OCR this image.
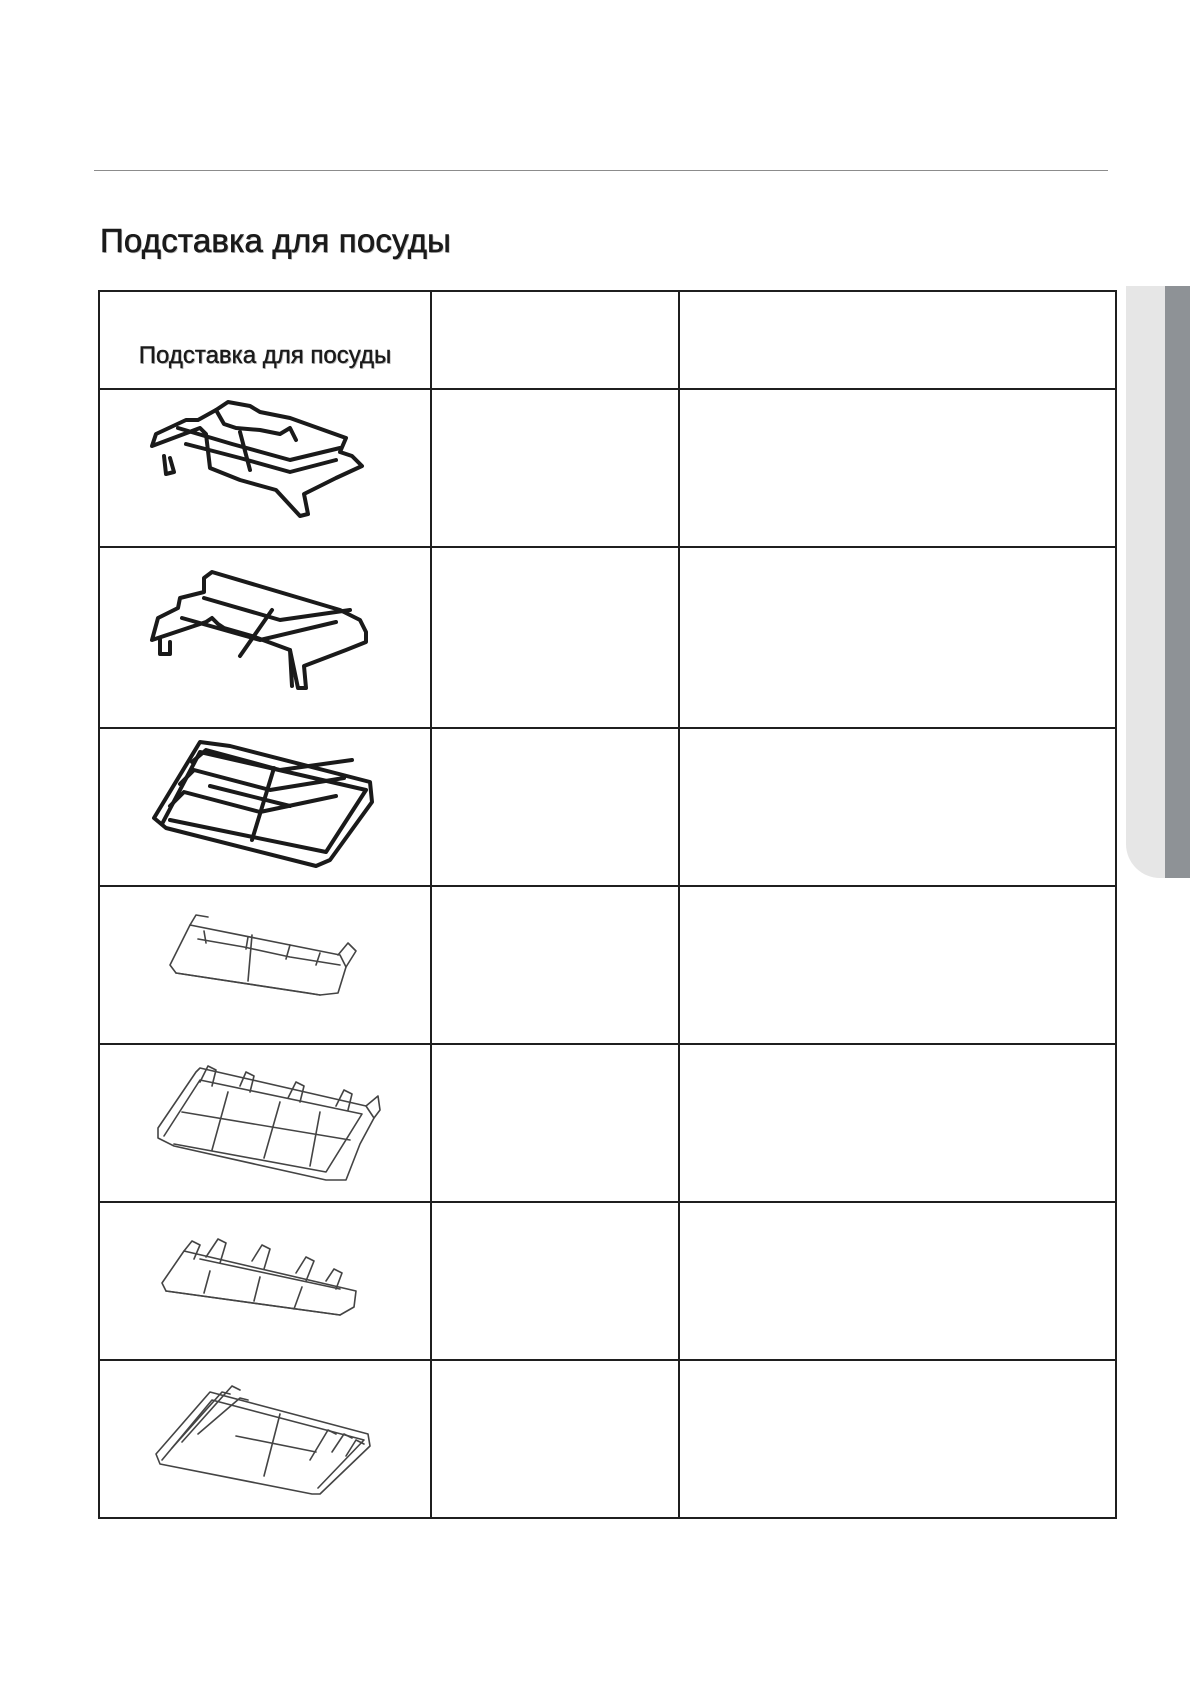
Подставка для посуды
Подставка для посуды		
